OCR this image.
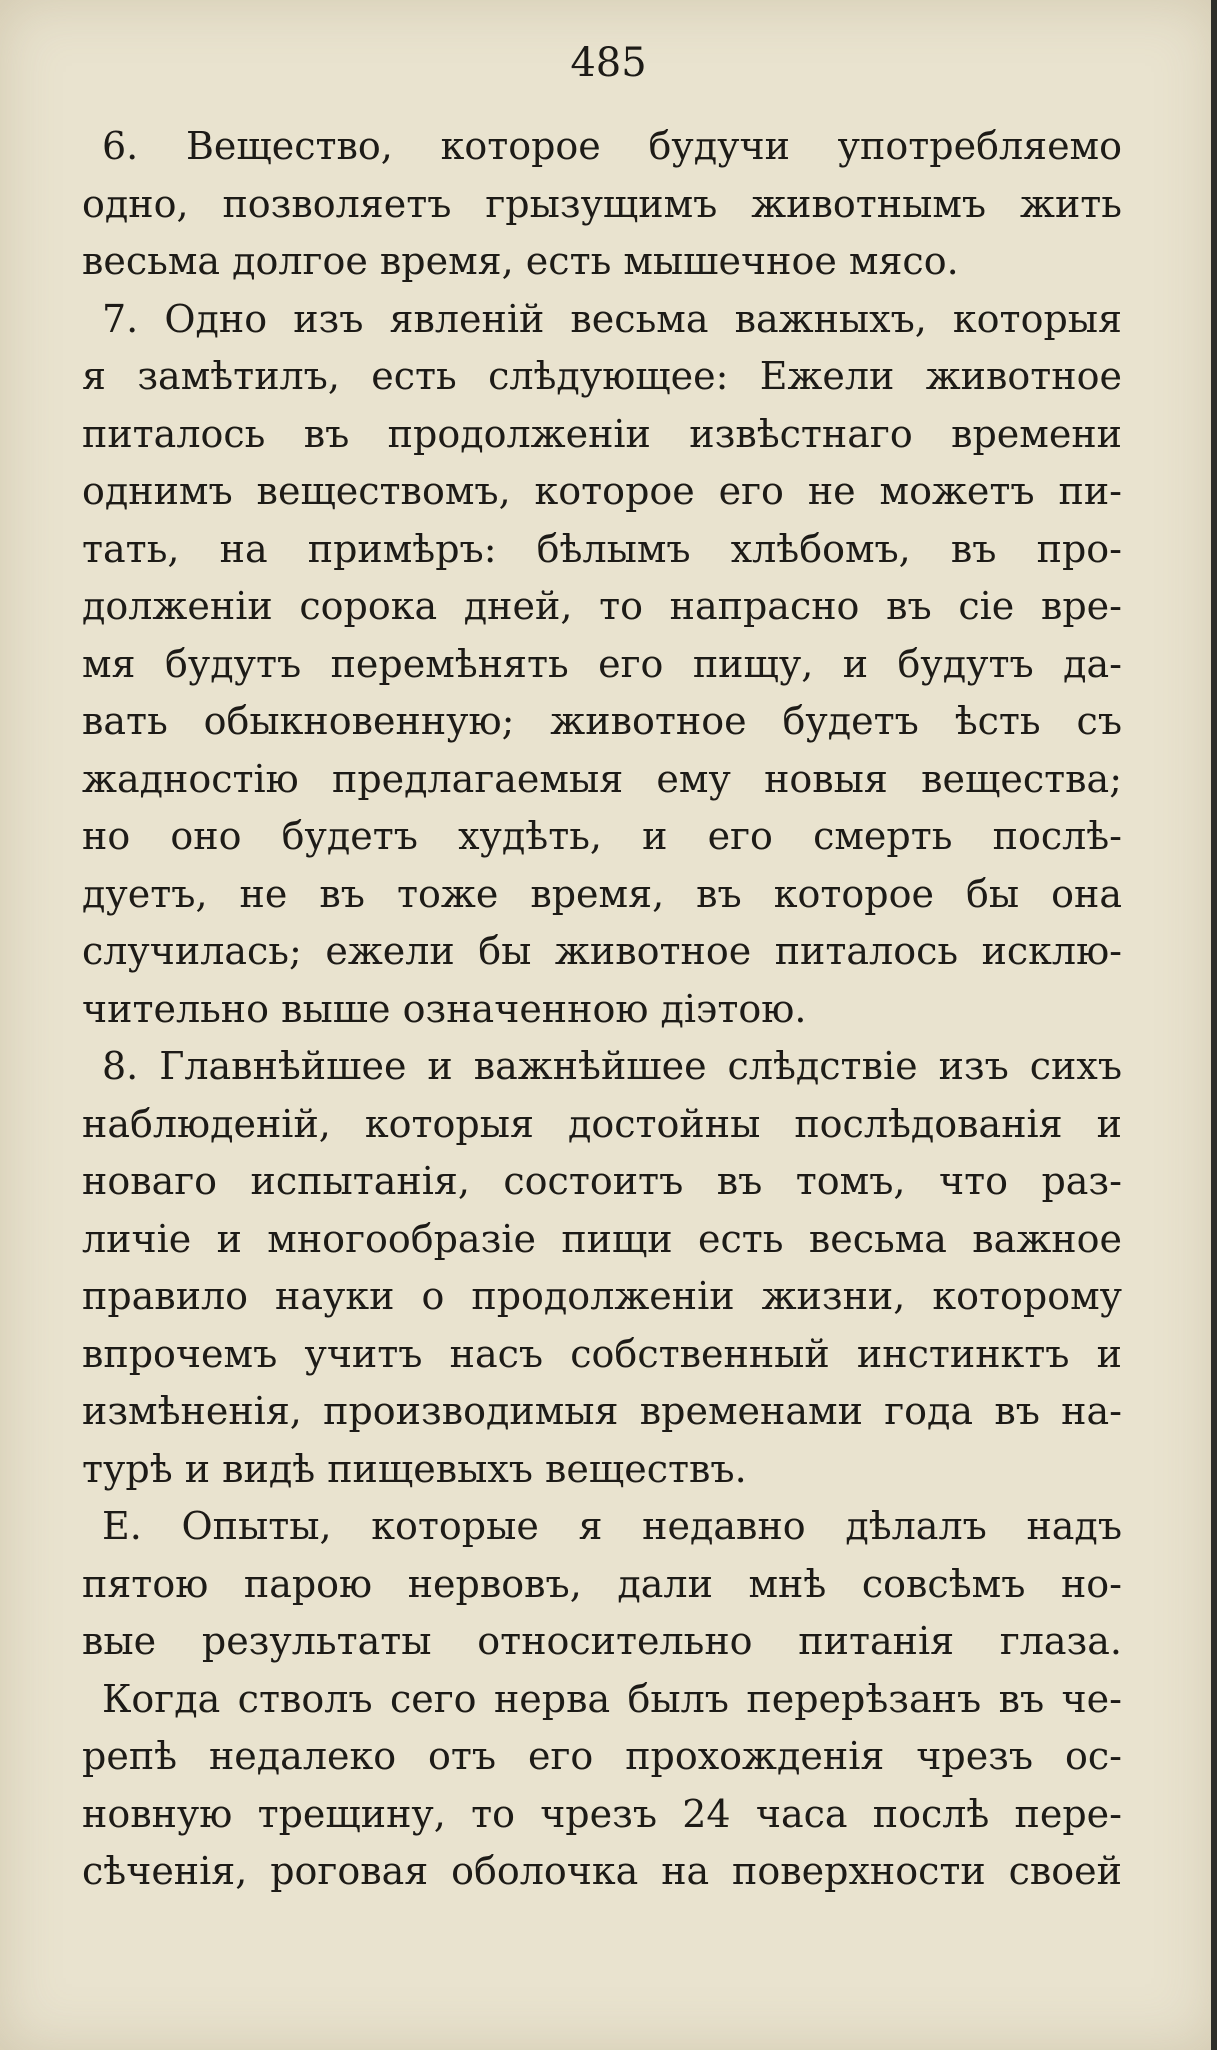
485
6. Вещество, которое будучи употребляемо
одно, позволяетъ грызущимъ животнымъ жить
весьма долгое время, есть мышечное мясо.
7. Одно изъ явленій весьма важныхъ, которыя
я замѣтилъ, есть слѣдующее: Ежели животное
питалось въ продолженіи извѣстнаго времени
однимъ веществомъ, которое его не можетъ пи-
тать, на примѣръ: бѣлымъ хлѣбомъ, въ про-
долженіи сорока дней, то напрасно въ сіе вре-
мя будутъ перемѣнять его пищу, и будутъ да-
вать обыкновенную; животное будетъ ѣсть съ
жадностію предлагаемыя ему новыя вещества;
но оно будетъ худѣть, и его смерть послѣ-
дуетъ, не въ тоже время, въ которое бы она
случилась; ежели бы животное питалось исклю-
чительно выше означенною діэтою.
8. Главнѣйшее и важнѣйшее слѣдствіе изъ сихъ
наблюденій, которыя достойны послѣдованія и
новаго испытанія, состоитъ въ томъ, что раз-
личіе и многообразіе пищи есть весьма важное
правило науки о продолженіи жизни, которому
впрочемъ учитъ насъ собственный инстинктъ и
измѣненія, производимыя временами года въ на-
турѣ и видѣ пищевыхъ веществъ.
Е. Опыты, которые я недавно дѣлалъ надъ
пятою парою нервовъ, дали мнѣ совсѣмъ но-
вые результаты относительно питанія глаза.
Когда стволъ сего нерва былъ перерѣзанъ въ че-
репѣ недалеко отъ его прохожденія чрезъ ос-
новную трещину, то чрезъ 24 часа послѣ пере-
сѣченія, роговая оболочка на поверхности своей
